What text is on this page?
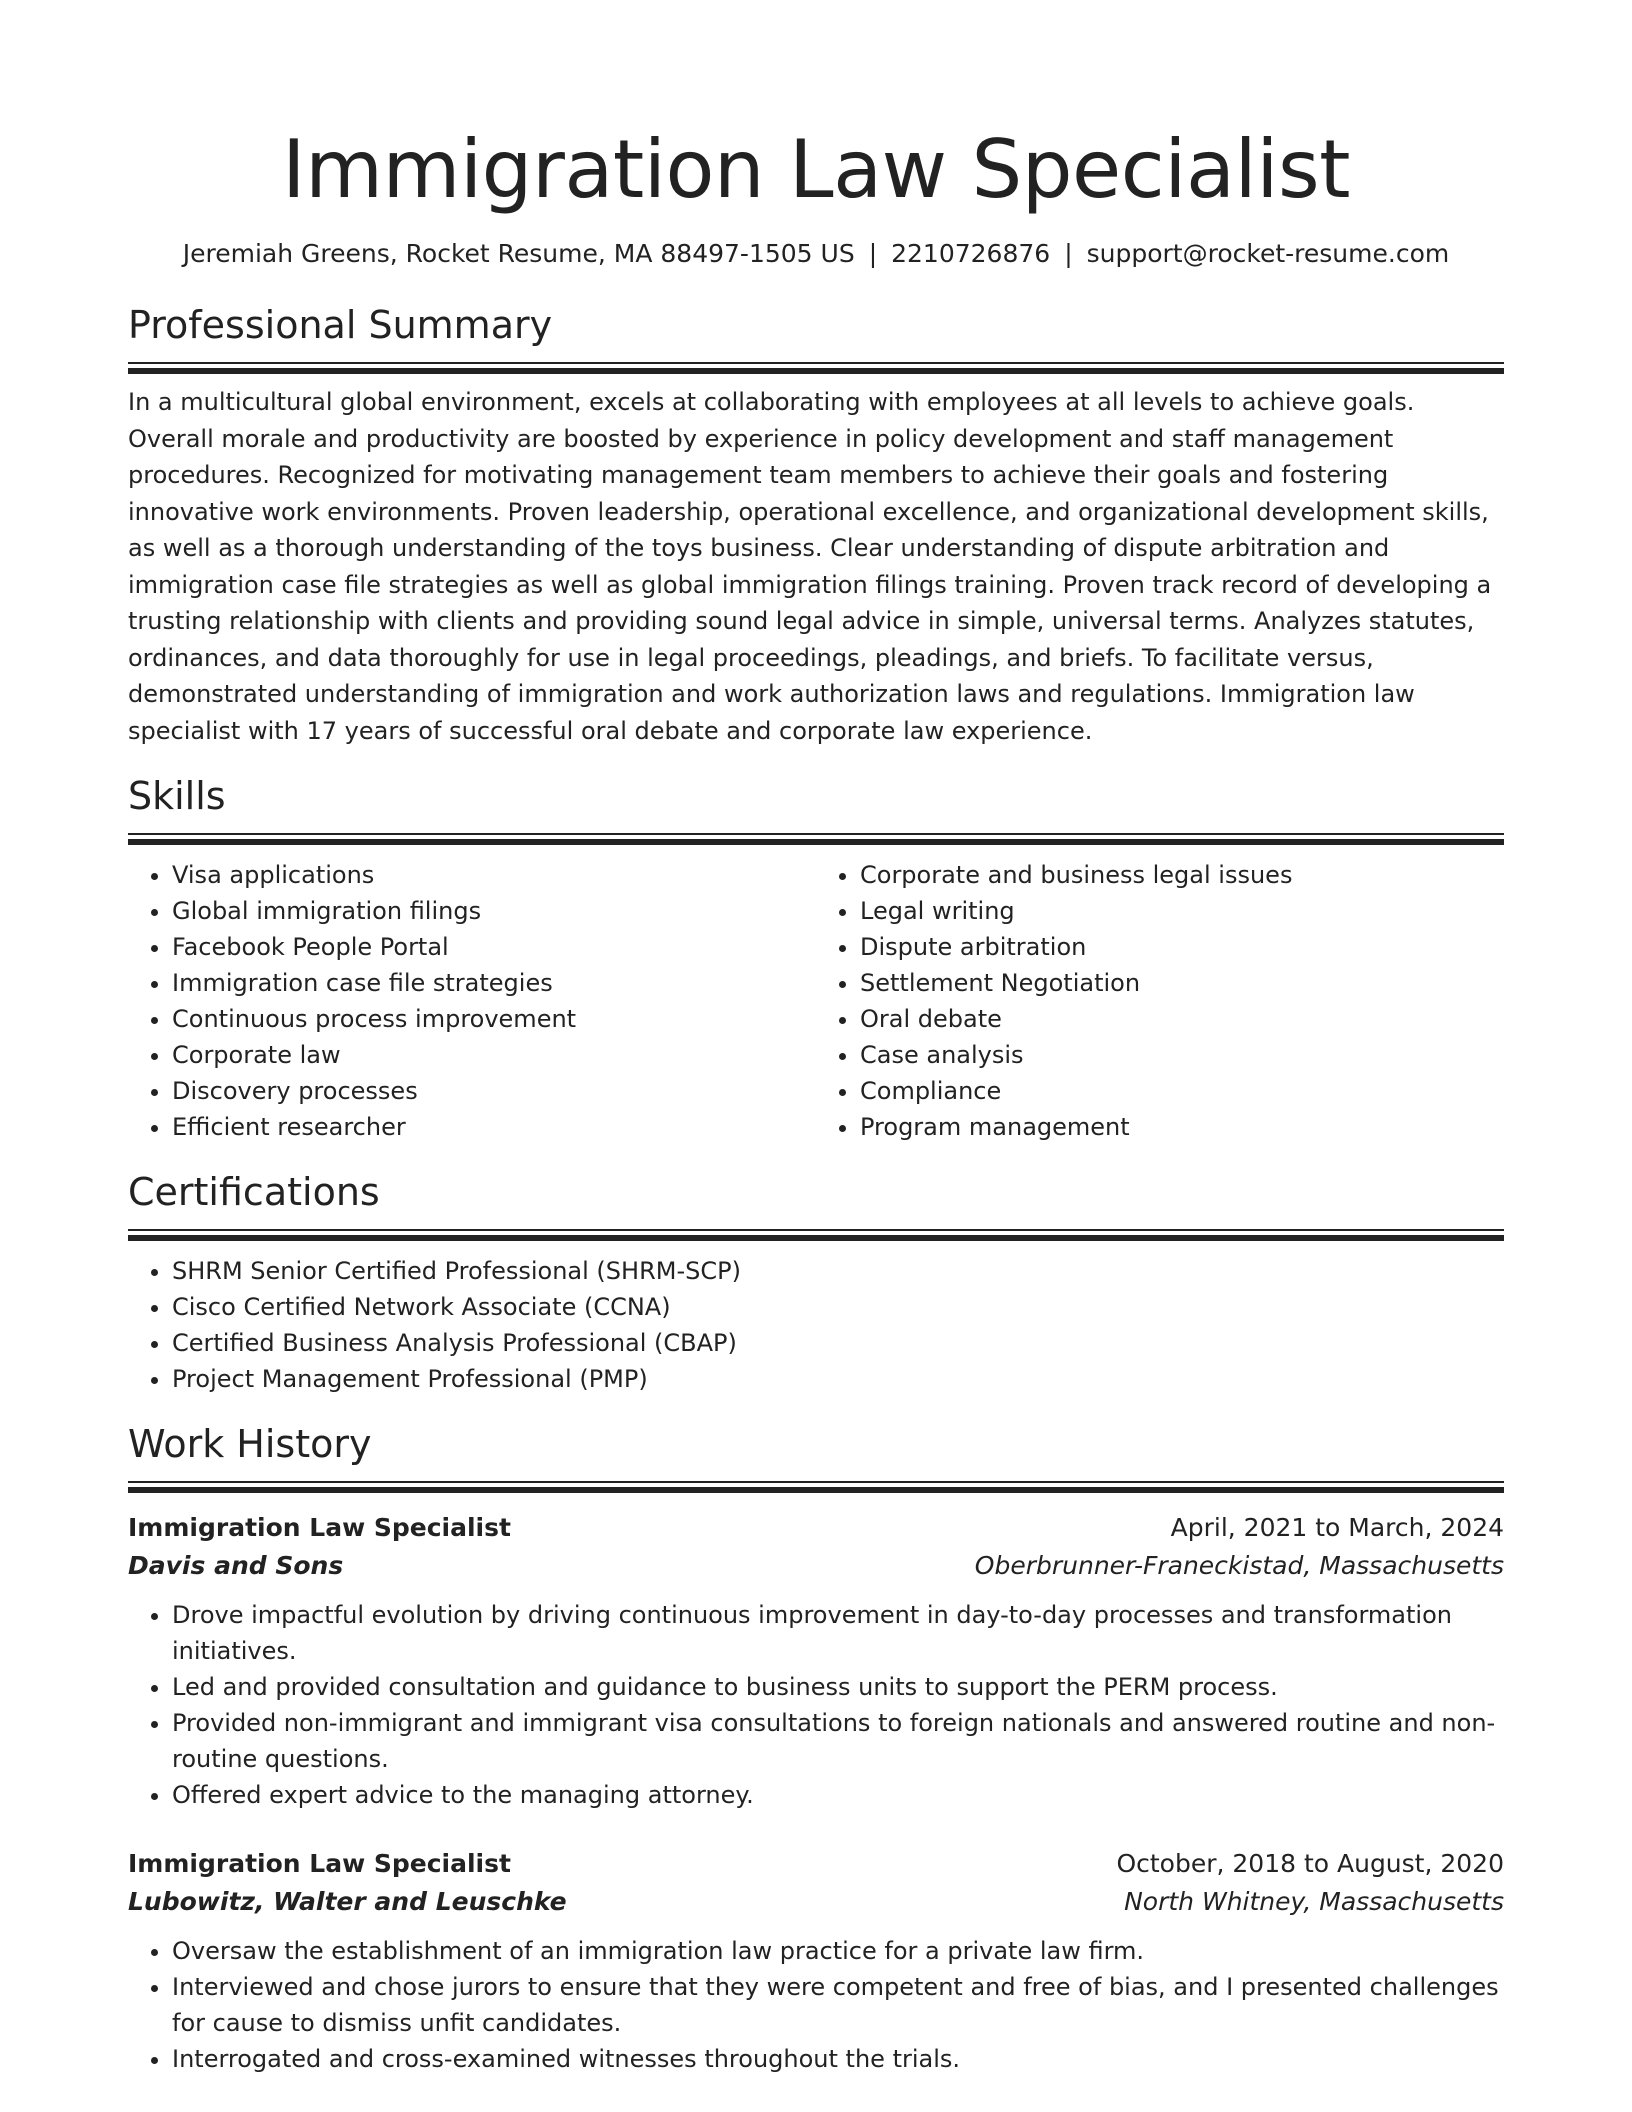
Immigration Law Specialist
Jeremiah Greens, Rocket Resume, MA 88497-1505 US | 2210726876 | support@rocket-resume.com
Professional Summary

In a multicultural global environment, excels at collaborating with employees at all levels to achieve goals. Overall morale and productivity are boosted by experience in policy development and staff management procedures. Recognized for motivating management team members to achieve their goals and fostering innovative work environments. Proven leadership, operational excellence, and organizational development skills, as well as a thorough understanding of the toys business. Clear understanding of dispute arbitration and immigration case file strategies as well as global immigration filings training. Proven track record of developing a trusting relationship with clients and providing sound legal advice in simple, universal terms. Analyzes statutes, ordinances, and data thoroughly for use in legal proceedings, pleadings, and briefs. To facilitate versus, demonstrated understanding of immigration and work authorization laws and regulations. Immigration law specialist with 17 years of successful oral debate and corporate law experience.

Skills
• Visa applications
• Global immigration filings
• Facebook People Portal
• Immigration case file strategies
• Continuous process improvement
• Corporate law
• Discovery processes
• Efficient researcher
• Corporate and business legal issues
• Legal writing
• Dispute arbitration
• Settlement Negotiation
• Oral debate
• Case analysis
• Compliance
• Program management
Certifications
• SHRM Senior Certified Professional (SHRM-SCP)
• Cisco Certified Network Associate (CCNA)
• Certified Business Analysis Professional (CBAP)
• Project Management Professional (PMP)
Work History
Immigration Law Specialist	April, 2021 to March, 2024
Davis and Sons	Oberbrunner-Franeckistad, Massachusetts
• Drove impactful evolution by driving continuous improvement in day-to-day processes and transformation initiatives.
• Led and provided consultation and guidance to business units to support the PERM process.
• Provided non-immigrant and immigrant visa consultations to foreign nationals and answered routine and non-routine questions.
• Offered expert advice to the managing attorney.
Immigration Law Specialist	October, 2018 to August, 2020
Lubowitz, Walter and Leuschke	North Whitney, Massachusetts
• Oversaw the establishment of an immigration law practice for a private law firm.
• Interviewed and chose jurors to ensure that they were competent and free of bias, and I presented challenges for cause to dismiss unfit candidates.
• Interrogated and cross-examined witnesses throughout the trials.
